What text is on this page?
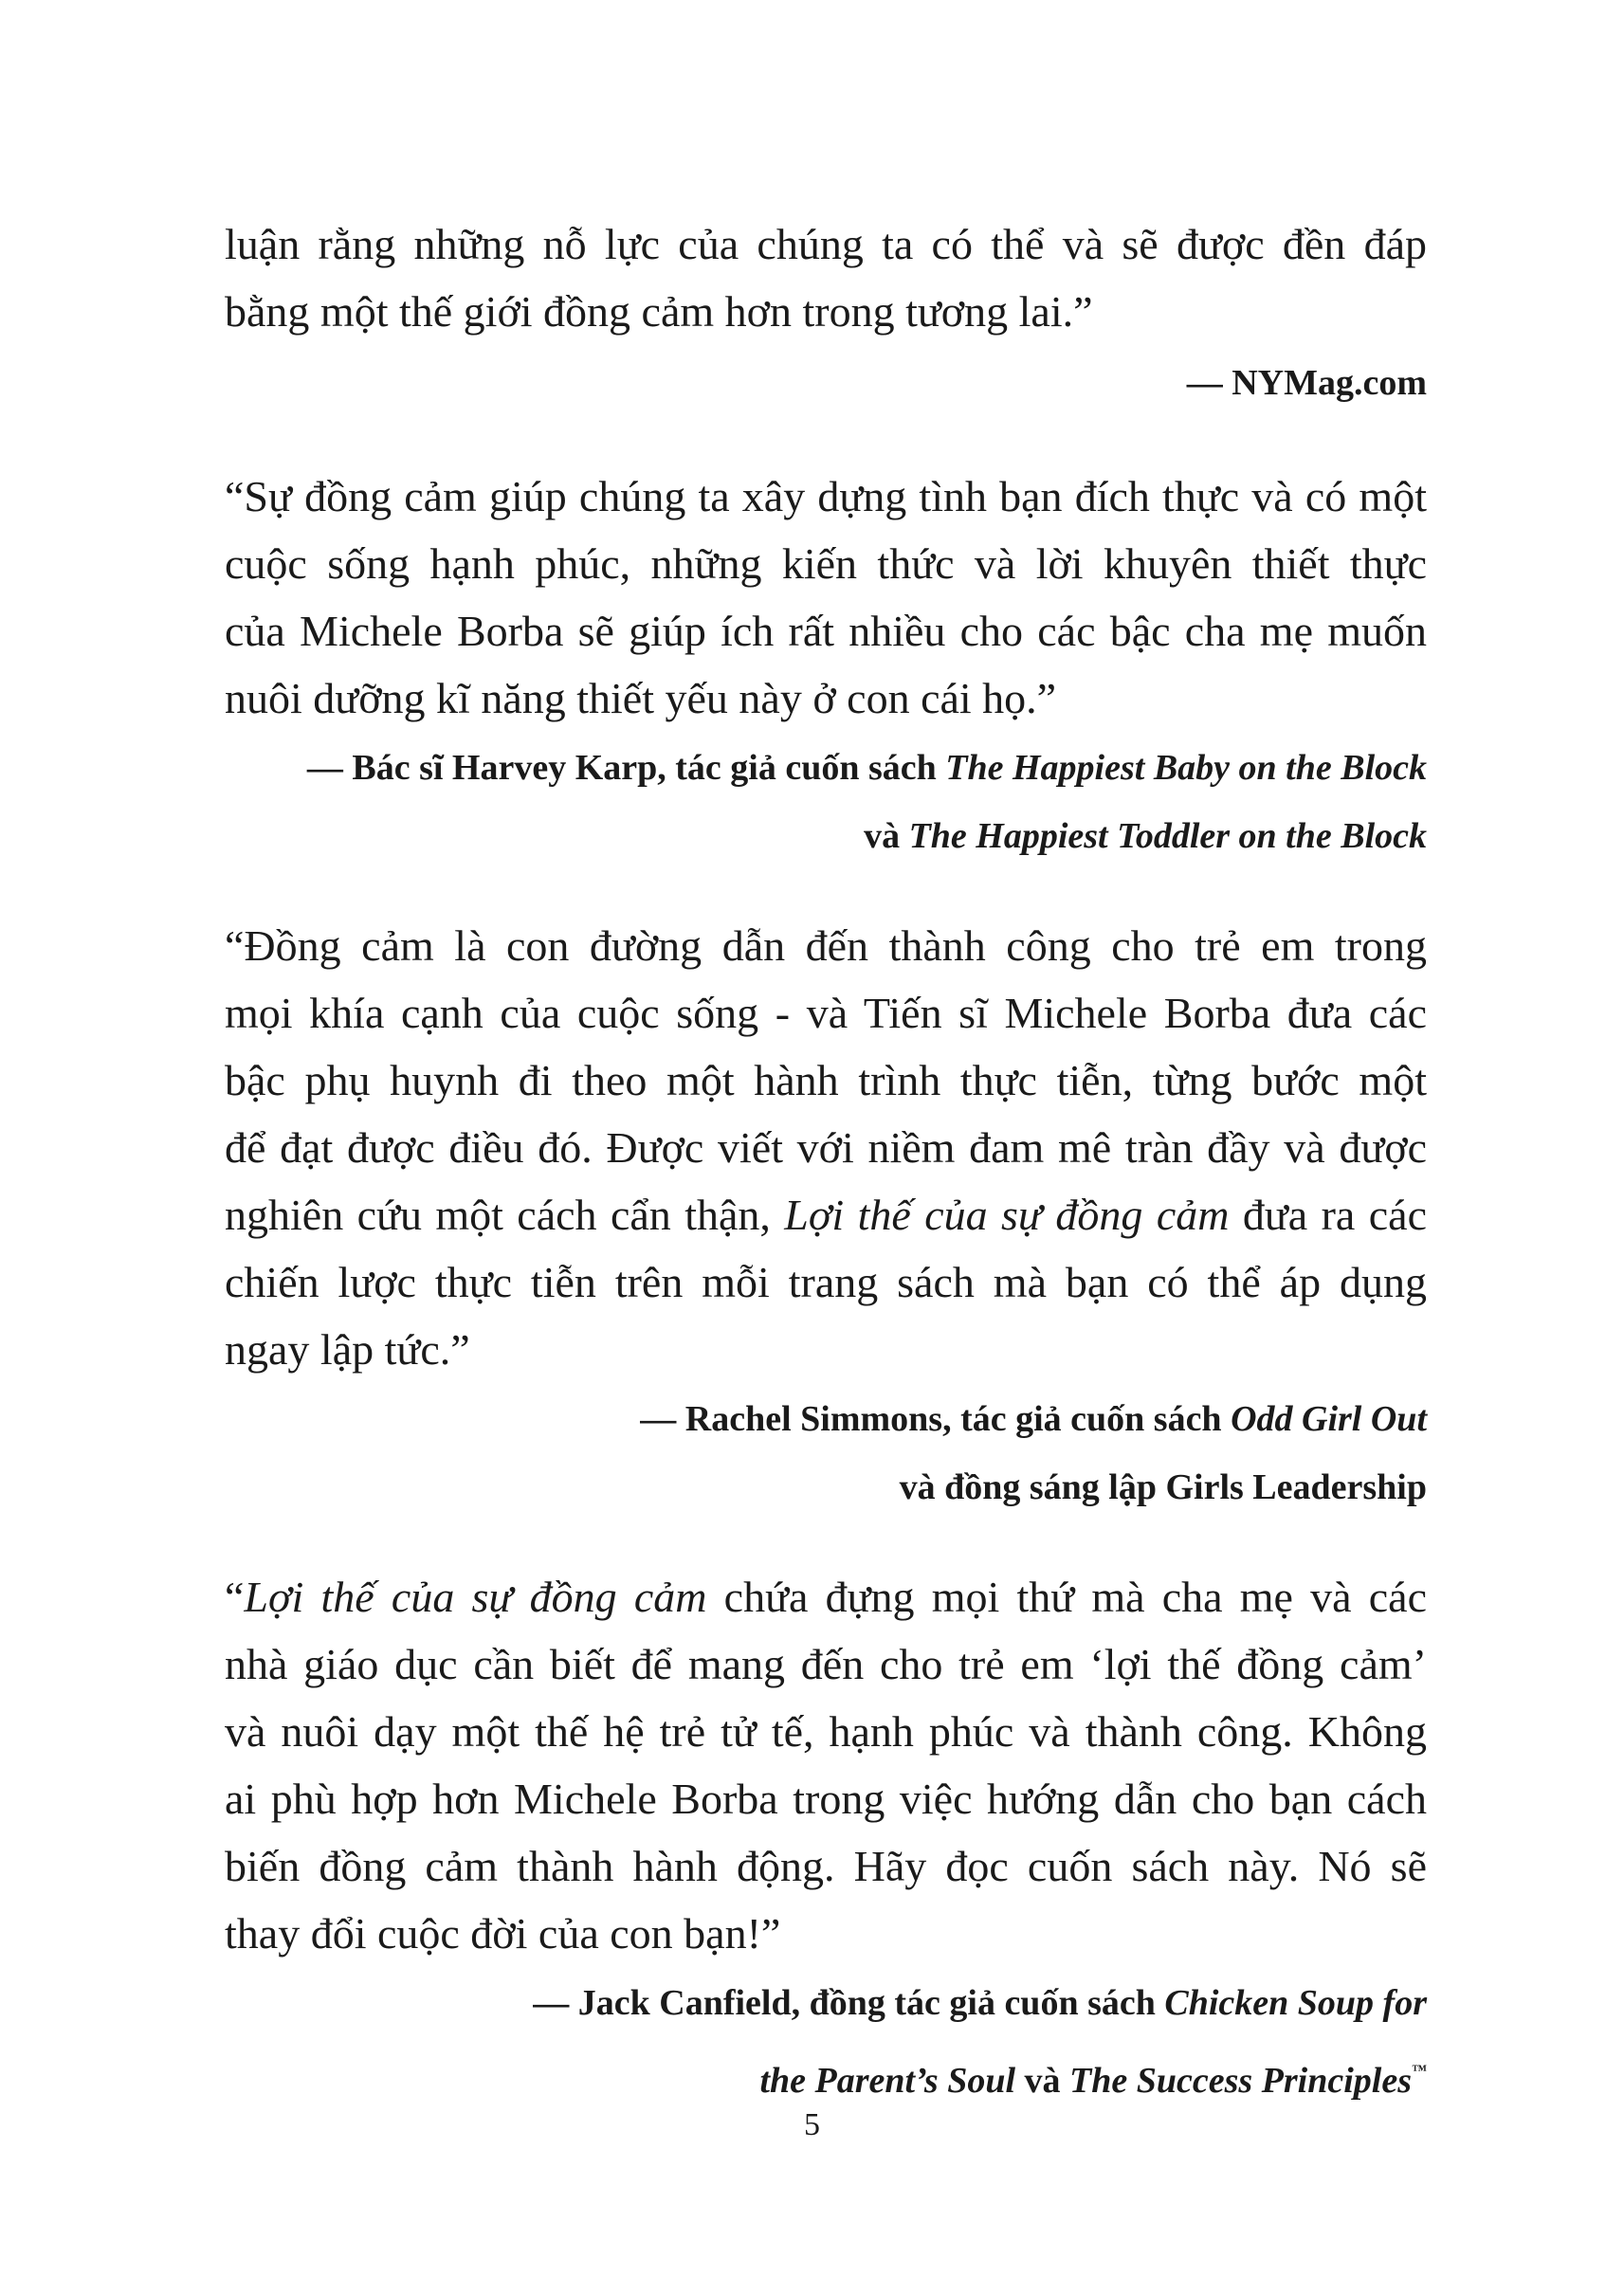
luận rằng những nỗ lực của chúng ta có thể và sẽ được đền đáp
bằng một thế giới đồng cảm hơn trong tương lai.”
— NYMag.com
“Sự đồng cảm giúp chúng ta xây dựng tình bạn đích thực và có một
cuộc sống hạnh phúc, những kiến thức và lời khuyên thiết thực
của Michele Borba sẽ giúp ích rất nhiều cho các bậc cha mẹ muốn
nuôi dưỡng kĩ năng thiết yếu này ở con cái họ.”
— Bác sĩ Harvey Karp, tác giả cuốn sách The Happiest Baby on the Block
và The Happiest Toddler on the Block
“Đồng cảm là con đường dẫn đến thành công cho trẻ em trong
mọi khía cạnh của cuộc sống - và Tiến sĩ Michele Borba đưa các
bậc phụ huynh đi theo một hành trình thực tiễn, từng bước một
để đạt được điều đó. Được viết với niềm đam mê tràn đầy và được
nghiên cứu một cách cẩn thận, Lợi thế của sự đồng cảm đưa ra các
chiến lược thực tiễn trên mỗi trang sách mà bạn có thể áp dụng
ngay lập tức.”
— Rachel Simmons, tác giả cuốn sách Odd Girl Out
và đồng sáng lập Girls Leadership
“Lợi thế của sự đồng cảm chứa đựng mọi thứ mà cha mẹ và các
nhà giáo dục cần biết để mang đến cho trẻ em ‘lợi thế đồng cảm’
và nuôi dạy một thế hệ trẻ tử tế, hạnh phúc và thành công. Không
ai phù hợp hơn Michele Borba trong việc hướng dẫn cho bạn cách
biến đồng cảm thành hành động. Hãy đọc cuốn sách này. Nó sẽ
thay đổi cuộc đời của con bạn!”
— Jack Canfield, đồng tác giả cuốn sách Chicken Soup for
the Parent’s Soul và The Success Principles™
5
